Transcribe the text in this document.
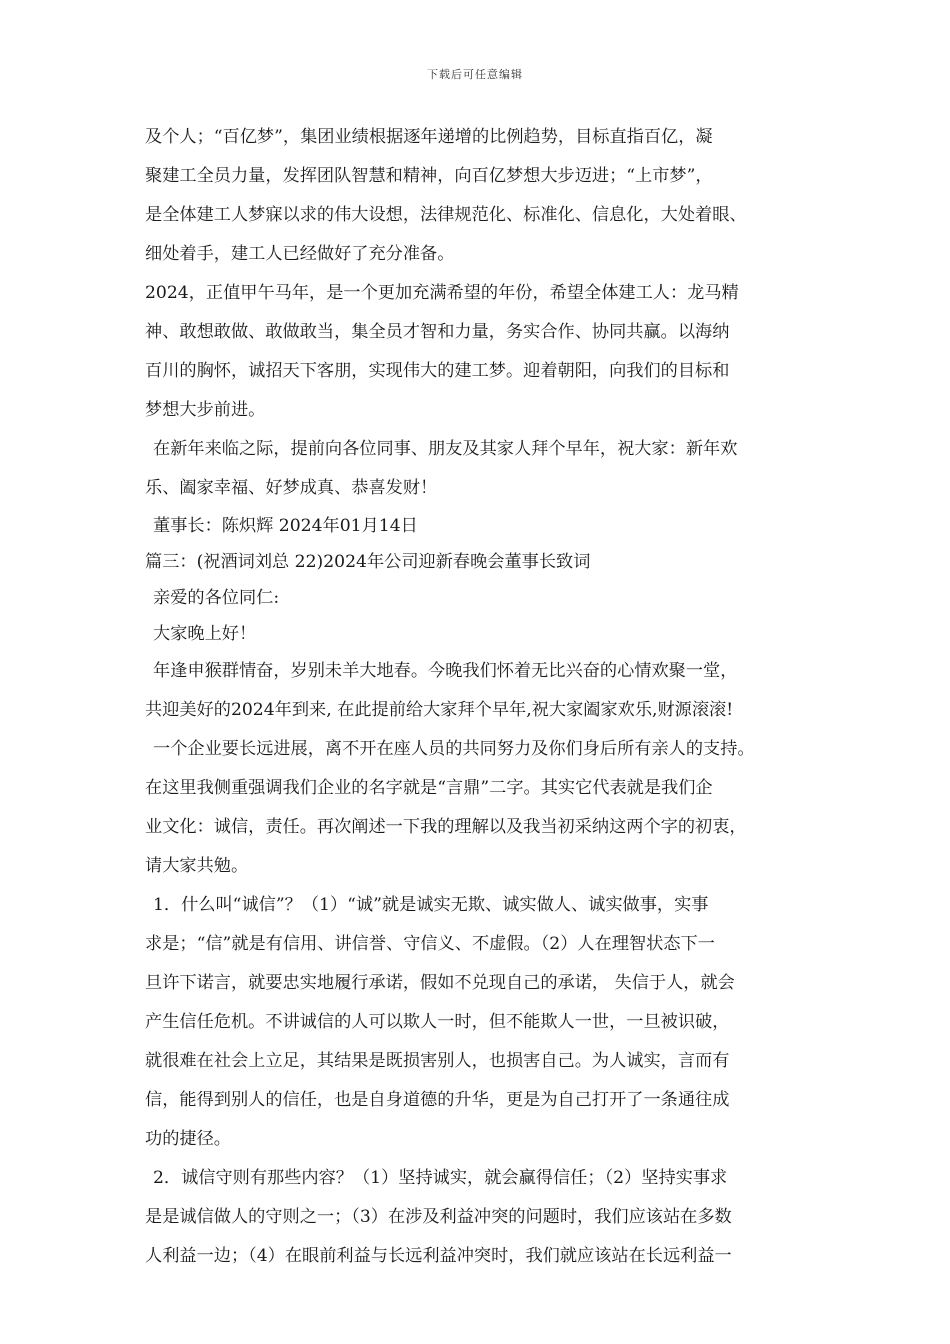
下载后可任意编辑
及个人；“百亿梦”，集团业绩根据逐年递增的比例趋势，目标直指百亿，凝
聚建工全员力量，发挥团队智慧和精神，向百亿梦想大步迈进；“上市梦”，
是全体建工人梦寐以求的伟大设想，法律规范化、标准化、信息化，大处着眼、
细处着手，建工人已经做好了充分准备。
2024，正值甲午马年，是一个更加充满希望的年份，希望全体建工人：龙马精
神、敢想敢做、敢做敢当，集全员才智和力量，务实合作、协同共赢。以海纳
百川的胸怀，诚招天下客朋，实现伟大的建工梦。迎着朝阳，向我们的目标和
梦想大步前进。
在新年来临之际，提前向各位同事、朋友及其家人拜个早年，祝大家：新年欢
乐、阖家幸福、好梦成真、恭喜发财！
董事长：陈炽辉 2024年01月14日
篇三：(祝酒词刘总 22)2024年公司迎新春晚会董事长致词
亲爱的各位同仁:
大家晚上好！
年逢申猴群情奋，岁别未羊大地春。今晚我们怀着无比兴奋的心情欢聚一堂，
共迎美好的2024年到来, 在此提前给大家拜个早年,祝大家阖家欢乐,财源滚滚!
一个企业要长远进展，离不开在座人员的共同努力及你们身后所有亲人的支持。
在这里我侧重强调我们企业的名字就是“言鼎”二字。其实它代表就是我们企
业文化：诚信，责任。再次阐述一下我的理解以及我当初采纳这两个字的初衷，
请大家共勉。
1．什么叫“诚信”？（1）“诚”就是诚实无欺、诚实做人、诚实做事，实事
求是；“信”就是有信用、讲信誉、守信义、不虚假。（2）人在理智状态下一
旦许下诺言，就要忠实地履行承诺，假如不兑现自己的承诺， 失信于人，就会
产生信任危机。不讲诚信的人可以欺人一时，但不能欺人一世，一旦被识破，
就很难在社会上立足，其结果是既损害别人，也损害自己。为人诚实，言而有
信，能得到别人的信任，也是自身道德的升华，更是为自己打开了一条通往成
功的捷径。
2．诚信守则有那些内容？（1）坚持诚实，就会赢得信任；（2）坚持实事求
是是诚信做人的守则之一；（3）在涉及利益冲突的问题时，我们应该站在多数
人利益一边；（4）在眼前利益与长远利益冲突时，我们就应该站在长远利益一
